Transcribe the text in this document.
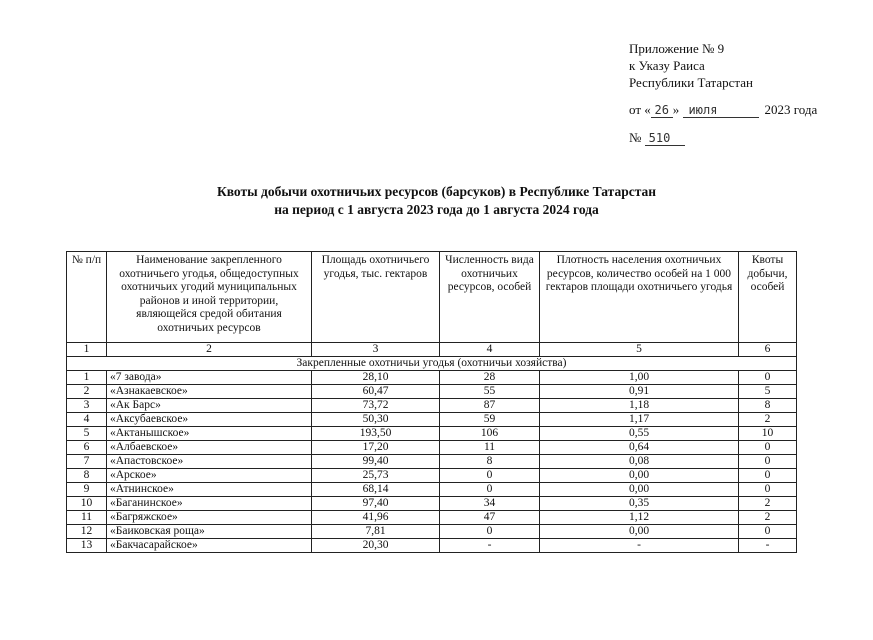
Приложение № 9
к Указу Раиса
Республики Татарстан
от « 26 » июля	2023 года
№ 510
Квоты добычи охотничьих ресурсов (барсуков) в Республике Татарстан
на период с 1 августа 2023 года до 1 августа 2024 года
№ п/п	Наименование закрепленного охотничьего угодья, общедоступных охотничьих угодий муниципальных районов и иной территории, являющейся средой обитания охотничьих ресурсов	Площадь охотничьего угодья, тыс. гектаров	Численность вида охотничьих ресурсов, особей	Плотность населения охотничьих ресурсов, количество особей на 1 000 гектаров площади охотничьего угодья	Квоты добычи, особей
1	2	3	4	5	6
Закрепленные охотничьи угодья (охотничьи хозяйства)					
1	«7 завода»	28,10	28	1,00	0
2	«Азнакаевское»	60,47	55	0,91	5
3	«Ак Барс»	73,72	87	1,18	8
4	«Аксубаевское»	50,30	59	1,17	2
5	«Актанышское»	193,50	106	0,55	10
6	«Албаевское»	17,20	11	0,64	0
7	«Апастовское»	99,40	8	0,08	0
8	«Арское»	25,73	0	0,00	0
9	«Атнинское»	68,14	0	0,00	0
10	«Баганинское»	97,40	34	0,35	2
11	«Багряжское»	41,96	47	1,12	2
12	«Баиковская роща»	7,81	0	0,00	0
13	«Бакчасарайское»	20,30	-	-	-
